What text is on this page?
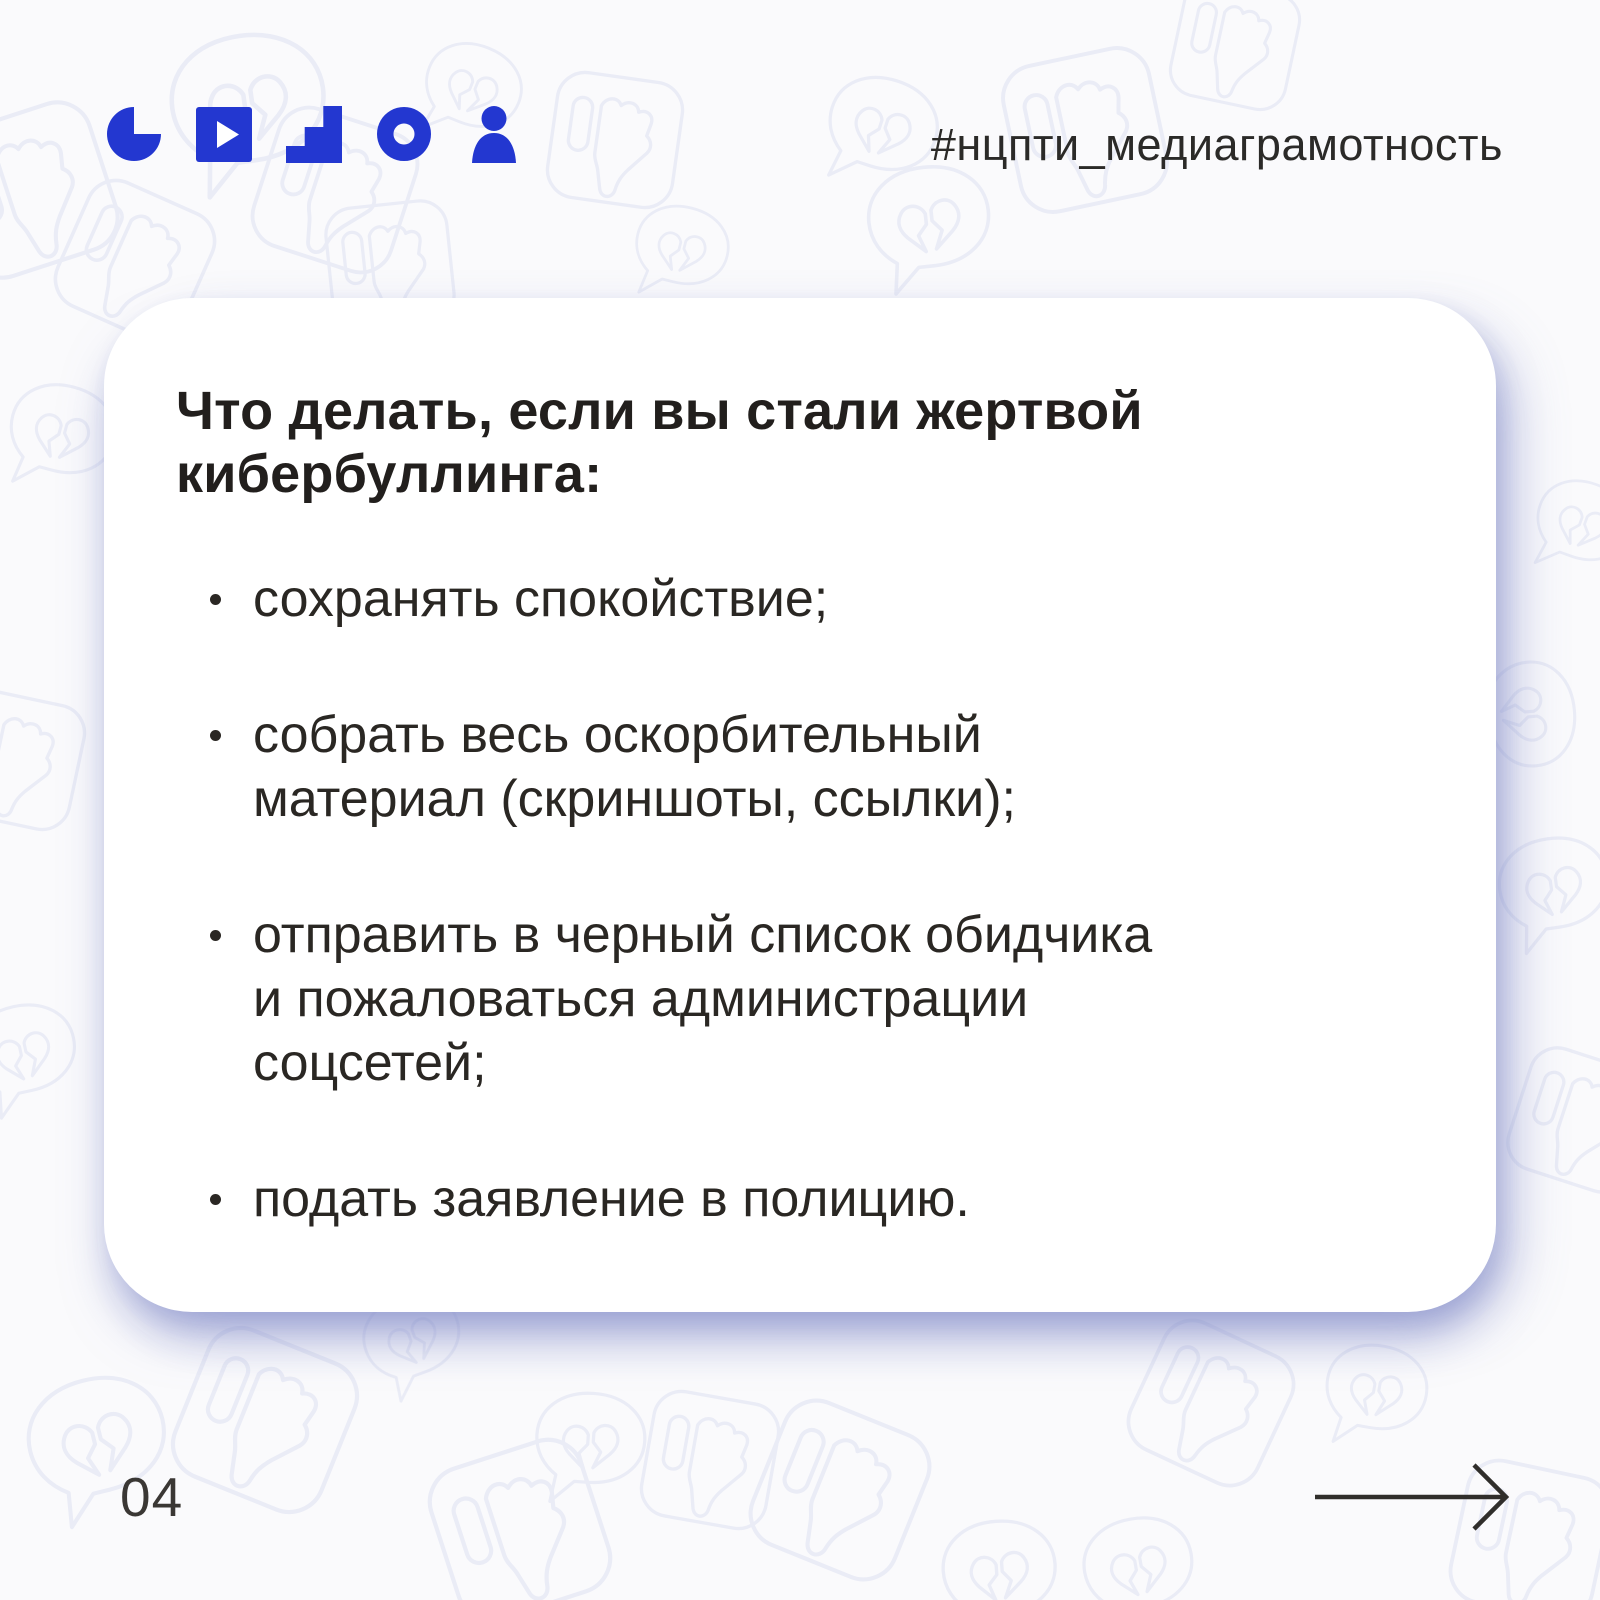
#нцпти_медиаграмотность
Что делать, если вы стали жертвой кибербуллинга:
сохранять спокойствие;
собрать весь оскорбительный материал (скриншоты, ссылки);
отправить в черный список обидчика и пожаловаться администрации соцсетей;
подать заявление в полицию.
04
